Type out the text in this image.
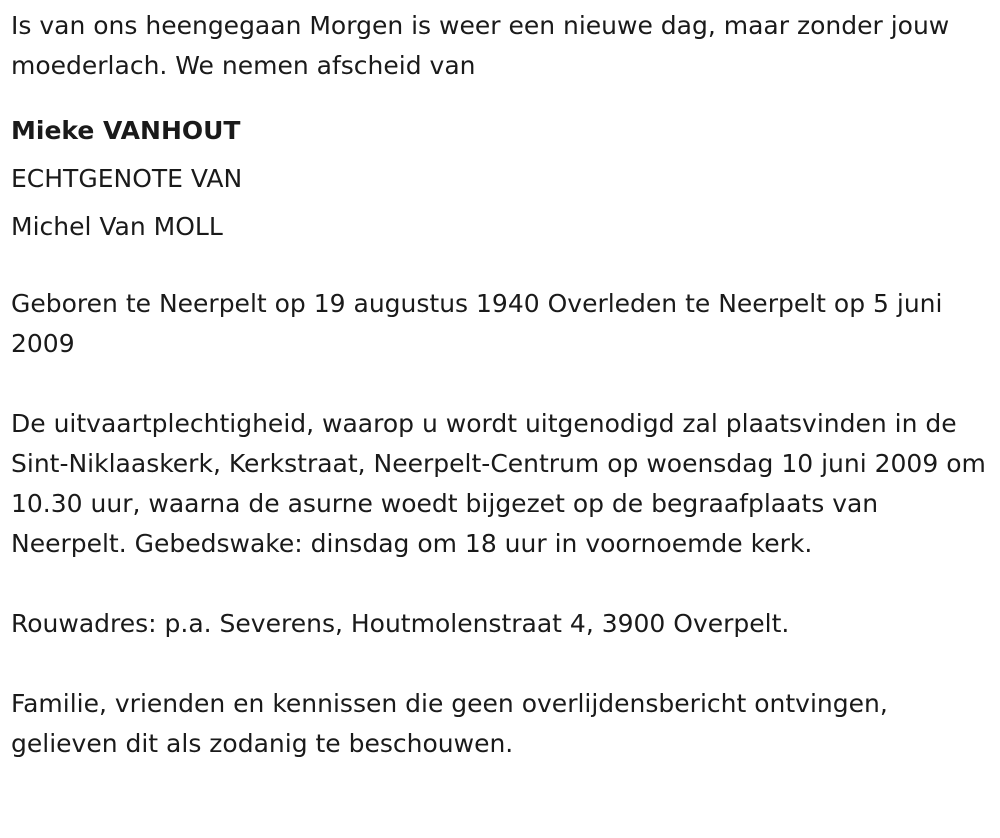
Is van ons heengegaan Morgen is weer een nieuwe dag, maar zonder jouw moederlach. We nemen afscheid van

Mieke VANHOUT

ECHTGENOTE VAN

Michel Van MOLL

Geboren te Neerpelt op 19 augustus 1940 Overleden te Neerpelt op 5 juni 2009

De uitvaartplechtigheid, waarop u wordt uitgenodigd zal plaatsvinden in de Sint-Niklaaskerk, Kerkstraat, Neerpelt-Centrum op woensdag 10 juni 2009 om 10.30 uur, waarna de asurne woedt bijgezet op de begraafplaats van Neerpelt. Gebedswake: dinsdag om 18 uur in voornoemde kerk.

Rouwadres: p.a. Severens, Houtmolenstraat 4, 3900 Overpelt.

Familie, vrienden en kennissen die geen overlijdensbericht ontvingen, gelieven dit als zodanig te beschouwen.
